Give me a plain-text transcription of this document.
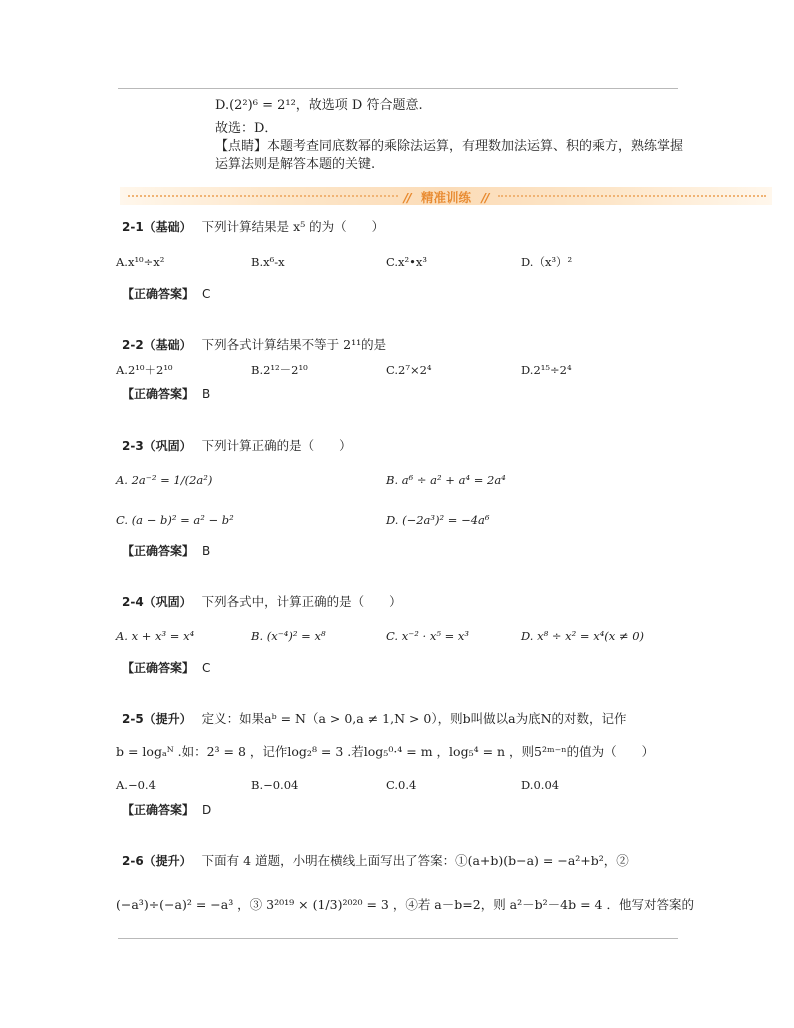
D.(2²)⁶ = 2¹²，故选项 D 符合题意.
故选：D．
【点睛】本题考查同底数幂的乘除法运算，有理数加法运算、积的乘方，熟练掌握
运算法则是解答本题的关键.
// 精准训练 //
2-1（基础） 下列计算结果是 x⁵ 的为（　　）
A.x¹⁰÷x²	B.x⁶-x	C.x²•x³	D.（x³）²
【正确答案】 C
2-2（基础） 下列各式计算结果不等于 2¹¹的是
A.2¹⁰＋2¹⁰	B.2¹²－2¹⁰	C.2⁷×2⁴	D.2¹⁵÷2⁴
【正确答案】 B
2-3（巩固） 下列计算正确的是（　　）
A. 2a⁻² = 1/(2a²)	B. a⁶ ÷ a² + a⁴ = 2a⁴
C. (a − b)² = a² − b²	D. (−2a³)² = −4a⁶
【正确答案】 B
2-4（巩固） 下列各式中，计算正确的是（　　）
A. x + x³ = x⁴	B. (x⁻⁴)² = x⁸	C. x⁻² · x⁵ = x³	D. x⁸ ÷ x² = x⁴(x ≠ 0)
【正确答案】 C
2-5（提升） 定义：如果aᵇ = N（a > 0,a ≠ 1,N > 0），则b叫做以a为底N的对数，记作
b = logₐᴺ .如：2³ = 8 ，记作log₂⁸ = 3 .若log₅⁰·⁴ = m ，log₅⁴ = n ，则5²ᵐ⁻ⁿ的值为（　　）
A.−0.4	B.−0.04	C.0.4	D.0.04
【正确答案】 D
2-6（提升） 下面有 4 道题，小明在横线上面写出了答案：①(a+b)(b−a) = −a²+b²，②
(−a³)÷(−a)² = −a³ ，③ 3²⁰¹⁹ × (1/3)²⁰²⁰ = 3 ，④若 a－b=2，则 a²－b²－4b = 4 ．他写对答案的
